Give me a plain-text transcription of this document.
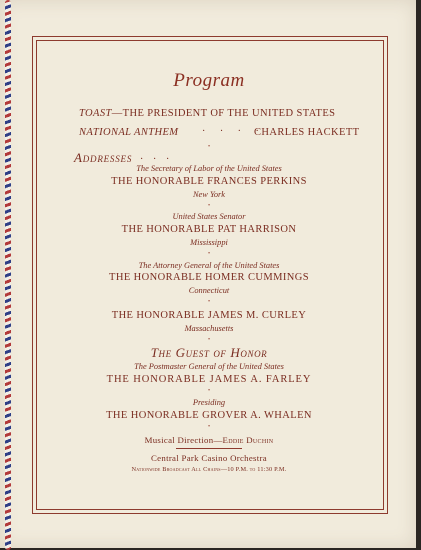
Program
TOAST—THE PRESIDENT OF THE UNITED STATES
NATIONAL ANTHEM · · · ·
CHARLES HACKETT
•
Addresses · · ·
The Secretary of Labor of the United States
THE HONORABLE FRANCES PERKINS
New York
•
United States Senator
THE HONORABLE PAT HARRISON
Mississippi
•
The Attorney General of the United States
THE HONORABLE HOMER CUMMINGS
Connecticut
•
THE HONORABLE JAMES M. CURLEY
Massachusetts
•
The Guest of Honor
The Postmaster General of the United States
THE HONORABLE JAMES A. FARLEY
•
Presiding
THE HONORABLE GROVER A. WHALEN
•
Musical Direction—Eddie Duchin
Central Park Casino Orchestra
Nationwide Broadcast All Chains—10 P.M. to 11:30 P.M.
